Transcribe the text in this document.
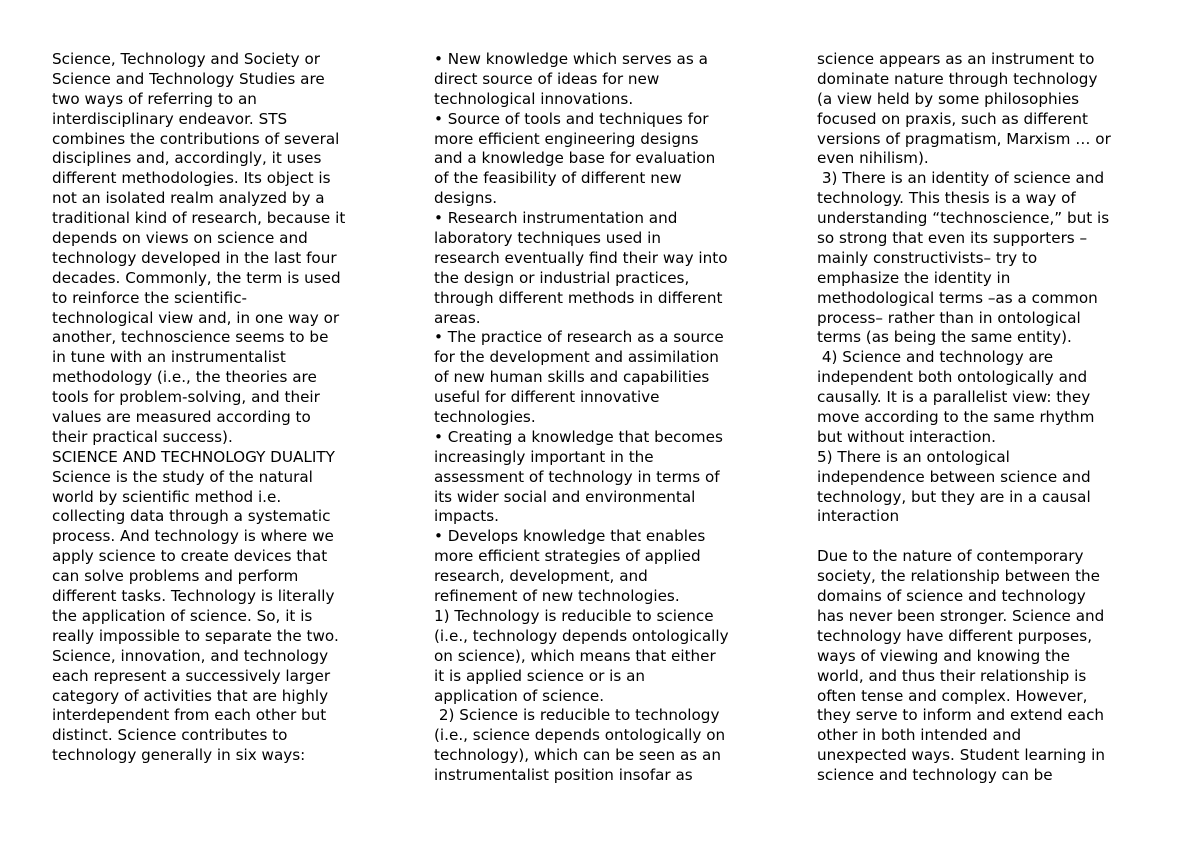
Science, Technology and Society or
Science and Technology Studies are
two ways of referring to an
interdisciplinary endeavor. STS
combines the contributions of several
disciplines and, accordingly, it uses
different methodologies. Its object is
not an isolated realm analyzed by a
traditional kind of research, because it
depends on views on science and
technology developed in the last four
decades. Commonly, the term is used
to reinforce the scientific-
technological view and, in one way or
another, technoscience seems to be
in tune with an instrumentalist
methodology (i.e., the theories are
tools for problem-solving, and their
values are measured according to
their practical success).
SCIENCE AND TECHNOLOGY DUALITY
Science is the study of the natural
world by scientific method i.e.
collecting data through a systematic
process. And technology is where we
apply science to create devices that
can solve problems and perform
different tasks. Technology is literally
the application of science. So, it is
really impossible to separate the two.
Science, innovation, and technology
each represent a successively larger
category of activities that are highly
interdependent from each other but
distinct. Science contributes to
technology generally in six ways:
• New knowledge which serves as a
direct source of ideas for new
technological innovations.
• Source of tools and techniques for
more efficient engineering designs
and a knowledge base for evaluation
of the feasibility of different new
designs.
• Research instrumentation and
laboratory techniques used in
research eventually find their way into
the design or industrial practices,
through different methods in different
areas.
• The practice of research as a source
for the development and assimilation
of new human skills and capabilities
useful for different innovative
technologies.
• Creating a knowledge that becomes
increasingly important in the
assessment of technology in terms of
its wider social and environmental
impacts.
• Develops knowledge that enables
more efficient strategies of applied
research, development, and
refinement of new technologies.
1) Technology is reducible to science
(i.e., technology depends ontologically
on science), which means that either
it is applied science or is an
application of science.
2) Science is reducible to technology
(i.e., science depends ontologically on
technology), which can be seen as an
instrumentalist position insofar as
science appears as an instrument to
dominate nature through technology
(a view held by some philosophies
focused on praxis, such as different
versions of pragmatism, Marxism … or
even nihilism).
3) There is an identity of science and
technology. This thesis is a way of
understanding “technoscience,” but is
so strong that even its supporters –
mainly constructivists– try to
emphasize the identity in
methodological terms –as a common
process– rather than in ontological
terms (as being the same entity).
4) Science and technology are
independent both ontologically and
causally. It is a parallelist view: they
move according to the same rhythm
but without interaction.
5) There is an ontological
independence between science and
technology, but they are in a causal
interaction
Due to the nature of contemporary
society, the relationship between the
domains of science and technology
has never been stronger. Science and
technology have different purposes,
ways of viewing and knowing the
world, and thus their relationship is
often tense and complex. However,
they serve to inform and extend each
other in both intended and
unexpected ways. Student learning in
science and technology can be
